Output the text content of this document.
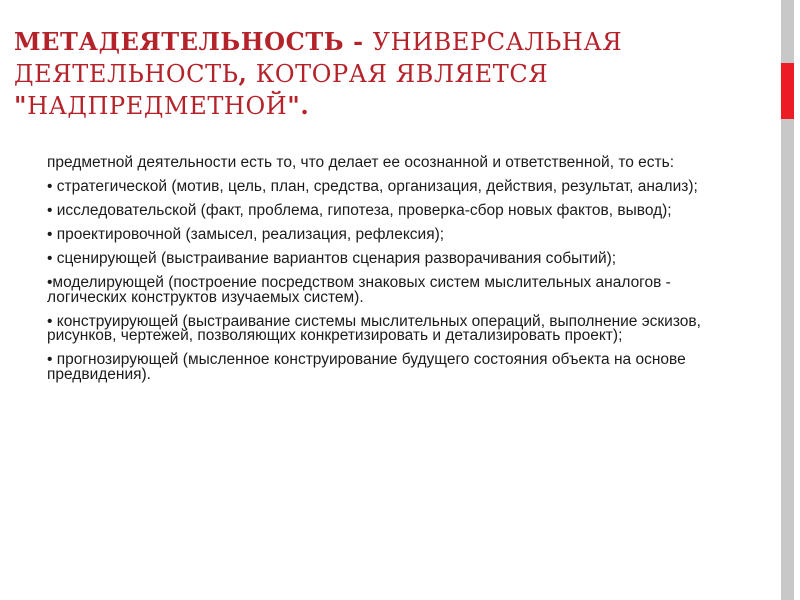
МЕТАДЕЯТЕЛЬНОСТЬ - УНИВЕРСАЛЬНАЯ
ДЕЯТЕЛЬНОСТЬ, КОТОРАЯ ЯВЛЯЕТСЯ
"НАДПРЕДМЕТНОЙ".

предметной деятельности есть то, что делает ее осознанной и ответственной, то есть:

• стратегической (мотив, цель, план, средства, организация, действия, результат, анализ);

• исследовательской (факт, проблема, гипотеза, проверка-сбор новых фактов, вывод);

• проектировочной (замысел, реализация, рефлексия);

• сценирующей (выстраивание вариантов сценария разворачивания событий);

•моделирующей (построение посредством знаковых систем мыслительных аналогов - логических конструктов изучаемых систем).

• конструирующей (выстраивание системы мыслительных операций, выполнение эскизов, рисунков, чертежей, позволяющих конкретизировать и детализировать проект);

• прогнозирующей (мысленное конструирование будущего состояния объекта на основе предвидения).
